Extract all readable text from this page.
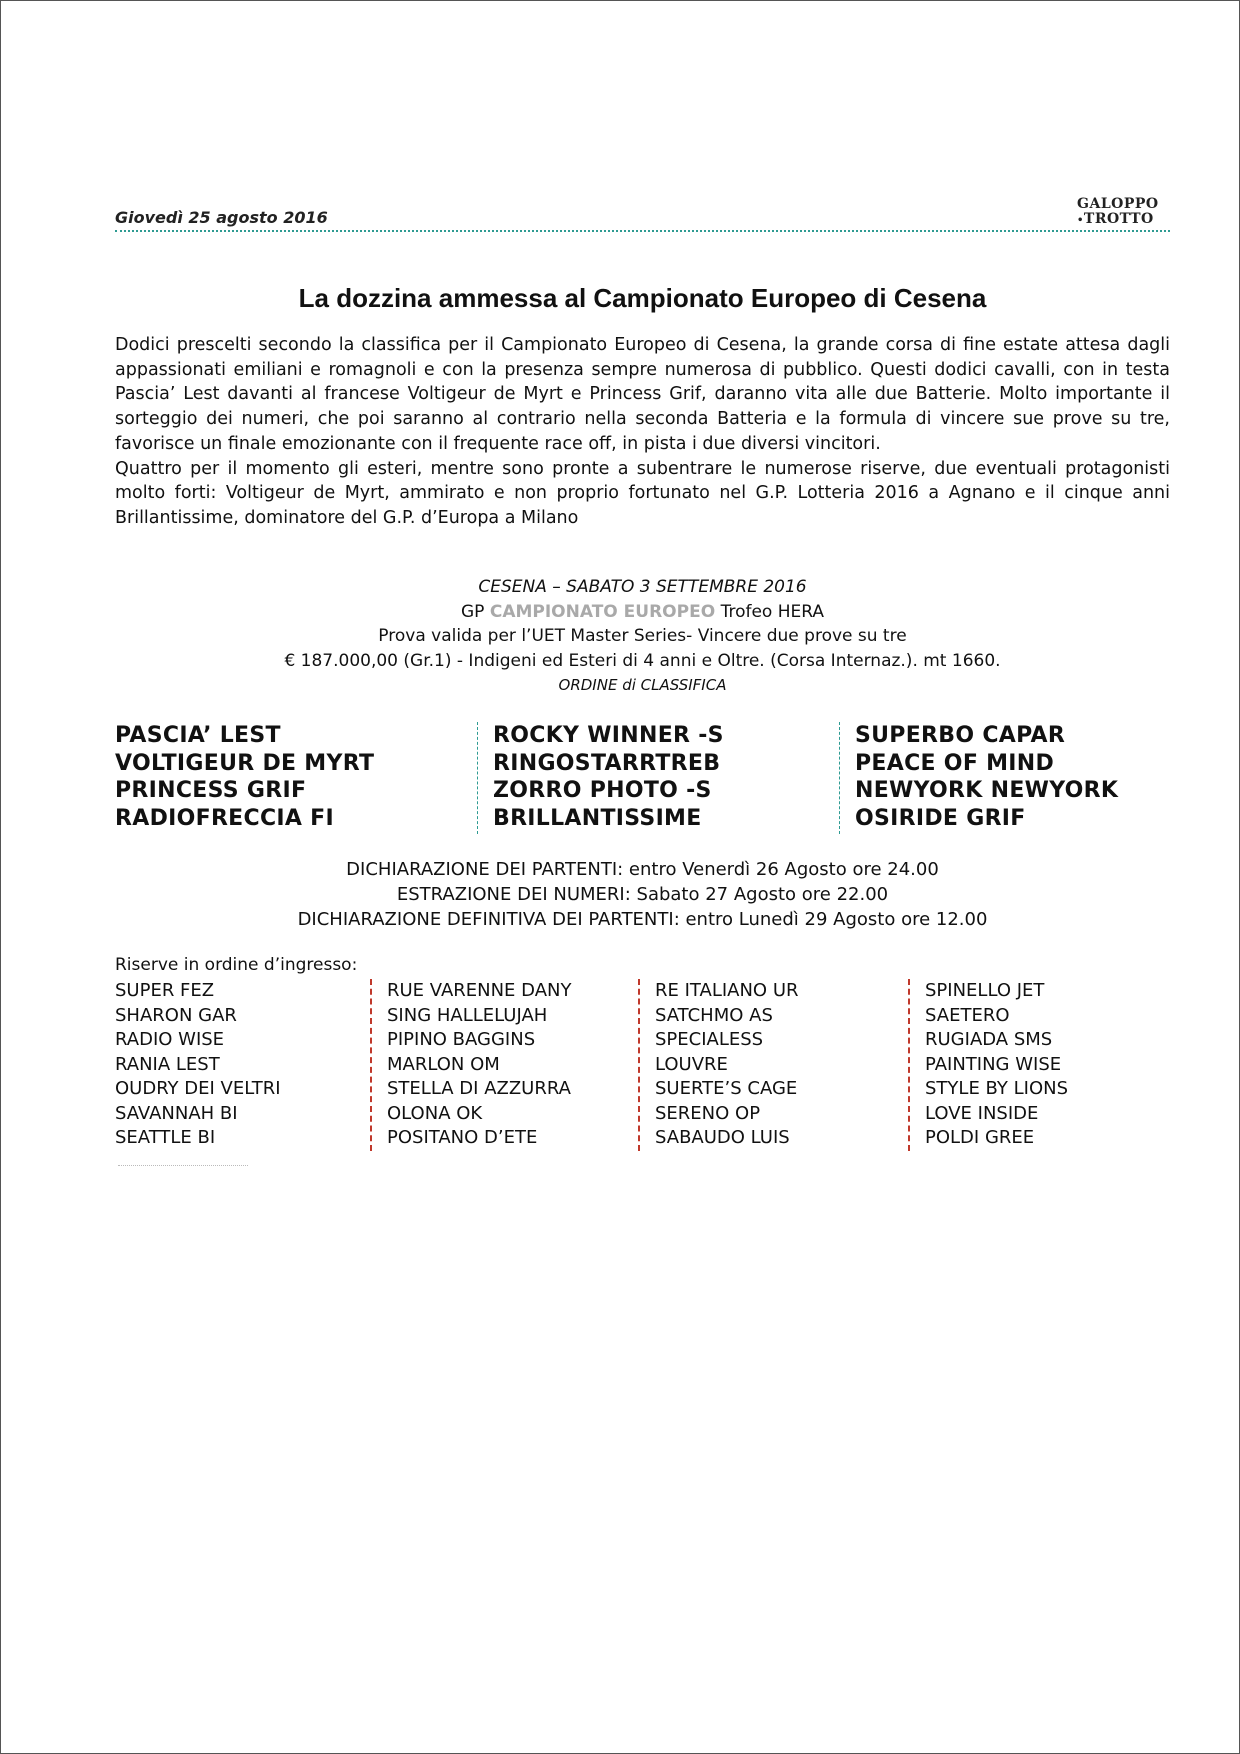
Giovedì 25 agosto 2016
GALOPPO
• TROTTO
La dozzina ammessa al Campionato Europeo di Cesena

Dodici prescelti secondo la classifica per il Campionato Europeo di Cesena, la grande corsa di fine estate attesa dagli appassionati emiliani e romagnoli e con la presenza sempre numerosa di pubblico. Questi dodici cavalli, con in testa Pascia’ Lest davanti al francese Voltigeur de Myrt e Princess Grif, daranno vita alle due Batterie. Molto importante il sorteggio dei numeri, che poi saranno al contrario nella seconda Batteria e la formula di vincere sue prove su tre, favorisce un finale emozionante con il frequente race off, in pista i due diversi vincitori.

Quattro per il momento gli esteri, mentre sono pronte a subentrare le numerose riserve, due eventuali protagonisti molto forti: Voltigeur de Myrt, ammirato e non proprio fortunato nel G.P. Lotteria 2016 a Agnano e il cinque anni Brillantissime, dominatore del G.P. d’Europa a Milano

CESENA – SABATO 3 SETTEMBRE 2016
GP CAMPIONATO EUROPEO Trofeo HERA
Prova valida per l’UET Master Series- Vincere due prove su tre
€ 187.000,00 (Gr.1) - Indigeni ed Esteri di 4 anni e Oltre. (Corsa Internaz.). mt 1660.
ORDINE di CLASSIFICA
PASCIA’ LEST
VOLTIGEUR DE MYRT
PRINCESS GRIF
RADIOFRECCIA FI
ROCKY WINNER -S
RINGOSTARRTREB
ZORRO PHOTO -S
BRILLANTISSIME
SUPERBO CAPAR
PEACE OF MIND
NEWYORK NEWYORK
OSIRIDE GRIF
DICHIARAZIONE DEI PARTENTI: entro Venerdì 26 Agosto ore 24.00
ESTRAZIONE DEI NUMERI: Sabato 27 Agosto ore 22.00
DICHIARAZIONE DEFINITIVA DEI PARTENTI: entro Lunedì 29 Agosto ore 12.00
Riserve in ordine d’ingresso:
SUPER FEZ
SHARON GAR
RADIO WISE
RANIA LEST
OUDRY DEI VELTRI
SAVANNAH BI
SEATTLE BI
RUE VARENNE DANY
SING HALLELUJAH
PIPINO BAGGINS
MARLON OM
STELLA DI AZZURRA
OLONA OK
POSITANO D’ETE
RE ITALIANO UR
SATCHMO AS
SPECIALESS
LOUVRE
SUERTE’S CAGE
SERENO OP
SABAUDO LUIS
SPINELLO JET
SAETERO
RUGIADA SMS
PAINTING WISE
STYLE BY LIONS
LOVE INSIDE
POLDI GREE
